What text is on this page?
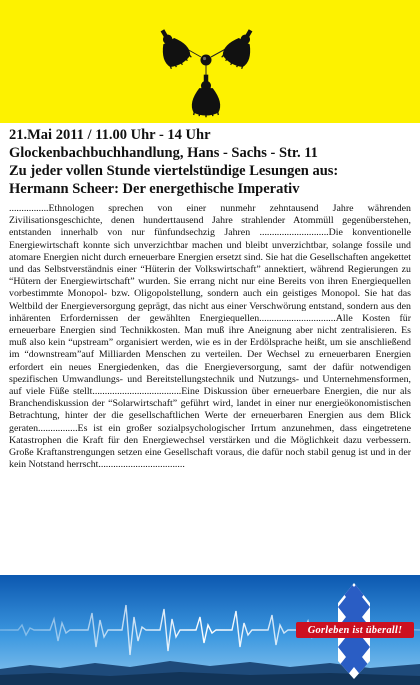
21.Mai 2011 / 11.00 Uhr - 14 Uhr
Glockenbachbuchhandlung, Hans - Sachs - Str. 11
Zu jeder vollen Stunde viertelstündige Lesungen aus:
Hermann Scheer: Der energethische Imperativ

................Ethnologen sprechen von einer nunmehr zehntausend Jahre währenden Zivilisationsgeschichte, denen hunderttausend Jahre strahlender Atommüll gegenüberstehen, entstanden innerhalb von nur fünfundsechzig Jahren ............................Die konventionelle Energiewirtschaft konnte sich unverzichtbar machen und bleibt unverzichtbar, solange fossile und atomare Energien nicht durch erneuerbare Energien ersetzt sind. Sie hat die Gesellschaften angekettet und das Selbstverständnis einer “Hüterin der Volkswirtschaft” annektiert, während Regierungen zu “Hütern der Energiewirtschaft” wurden. Sie errang nicht nur eine Bereits von ihren Energiequellen vorbestimmte Monopol- bzw. Oligopolstellung, sondern auch ein geistiges Monopol. Sie hat das Weltbild der Energieversorgung geprägt, das nicht aus einer Verschwörung entstand, sondern aus den inhärenten Erfordernissen der gewählten Energiequellen...............................Alle Kosten für erneuerbare Energien sind Technikkosten. Man muß ihre Aneignung aber nicht zentralisieren. Es muß also kein “upstream” organisiert werden, wie es in der Erdölsprache heißt, um sie anschließend im “downstream”auf Milliarden Menschen zu verteilen. Der Wechsel zu erneuerbaren Energien erfordert ein neues Energiedenken, das die Energieversorgung, samt der dafür notwendigen spezifischen Umwandlungs- und Bereitstellungstechnik und Nutzungs- und Unternehmensformen, auf viele Füße stellt....................................Eine Diskussion über erneuerbare Energien, die nur als Branchendiskussion der “Solarwirtschaft” geführt wird, landet in einer nur energieökonomistischen Betrachtung, hinter der die gesellschaftlichen Werte der erneuerbaren Energien aus dem Blick geraten................Es ist ein großer sozialpsychologischer Irrtum anzunehmen, dass eingetretene Katastrophen die Kraft für den Energiewechsel verstärken und die Möglichkeit dazu verbessern. Große Kraftanstrengungen setzen eine Gesellschaft voraus, die dafür noch stabil genug ist und in der kein Notstand herrscht...................................

Gorleben ist überall!
